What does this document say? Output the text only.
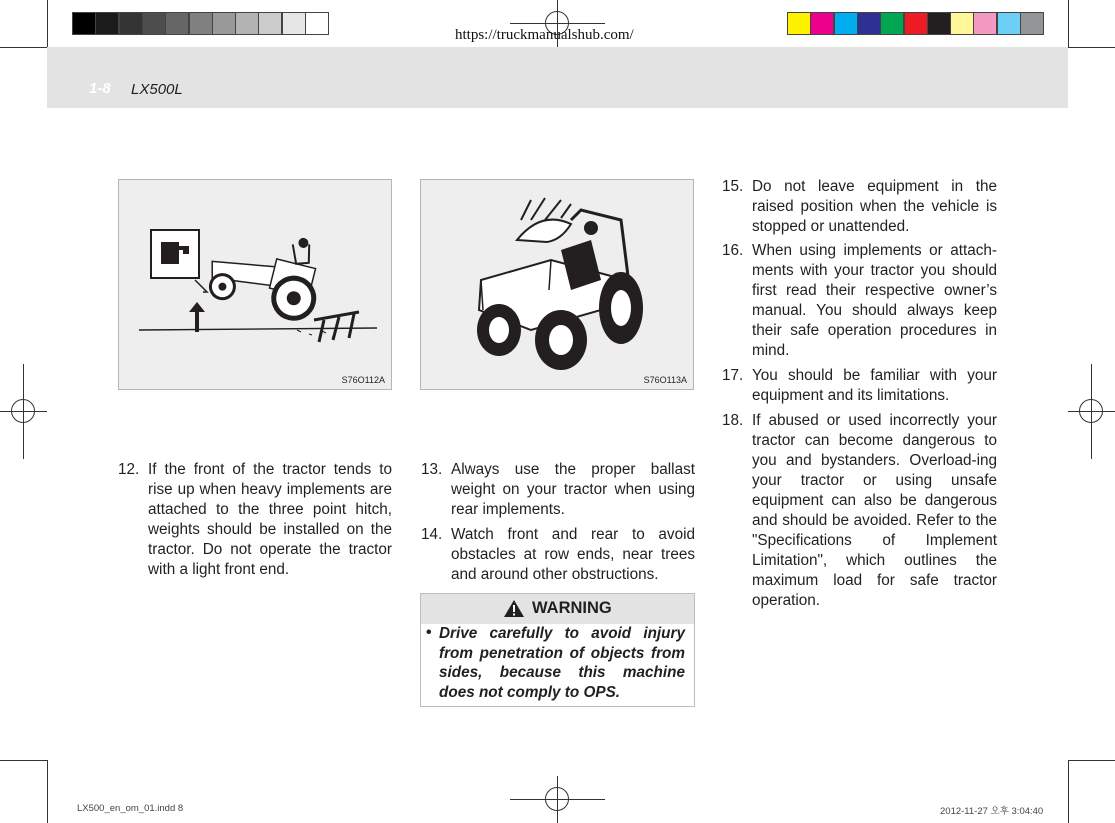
https://truckmanualshub.com/
1-8 LX500L
S76O112A	S76O113A
12. If the front of the tractor tends to rise up when heavy implements are attached to the three point hitch, weights should be installed on the tractor. Do not operate the tractor with a light front end.
13. Always use the proper ballast weight on your tractor when using rear implements.
14. Watch front and rear to avoid obstacles at row ends, near trees and around other obstructions.
WARNING
• Drive carefully to avoid injury from penetration of objects from sides, because this machine does not comply to OPS.
15. Do not leave equipment in the raised position when the vehicle is stopped or unattended.
16. When using implements or attach-ments with your tractor you should first read their respective owner’s manual. You should always keep their safe operation procedures in mind.
17. You should be familiar with your equipment and its limitations.
18. If abused or used incorrectly your tractor can become dangerous to you and bystanders. Overload-ing your tractor or using unsafe equipment can also be dangerous and should be avoided. Refer to the "Specifications of Implement Limitation", which outlines the maximum load for safe tractor operation.
LX500_en_om_01.indd 8	2012-11-27 오후 3:04:40
